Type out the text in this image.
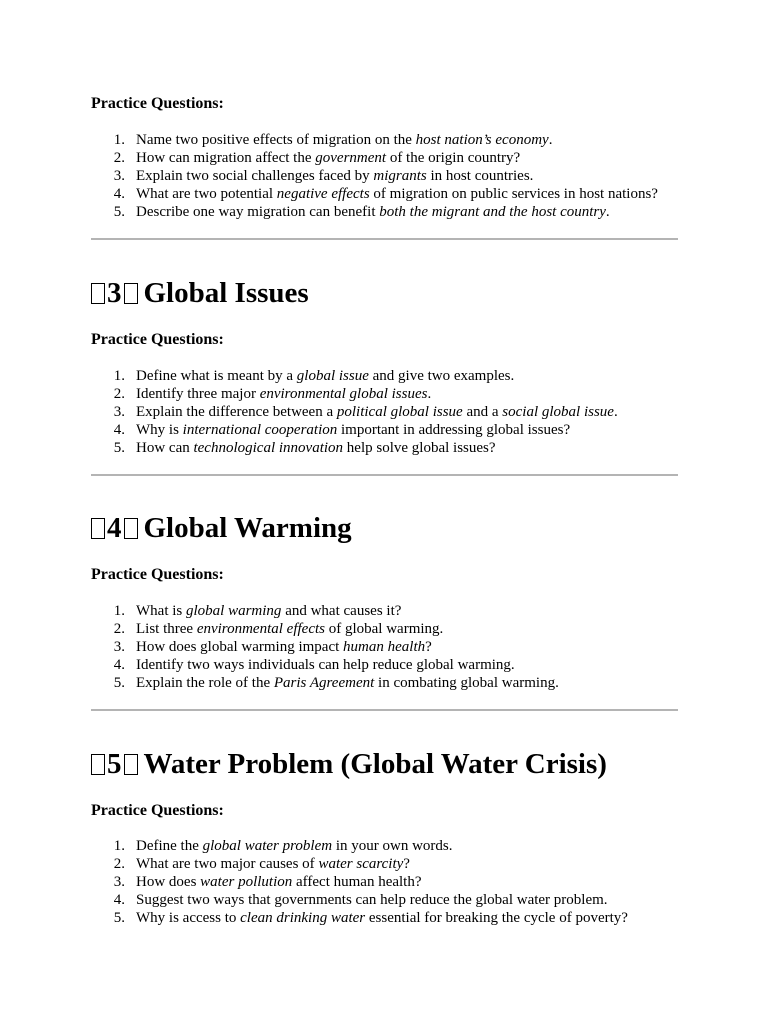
Practice Questions:

1. Name two positive effects of migration on the host nation’s economy.
2. How can migration affect the government of the origin country?
3. Explain two social challenges faced by migrants in host countries.
4. What are two potential negative effects of migration on public services in host nations?
5. Describe one way migration can benefit both the migrant and the host country.
3 Global Issues

Practice Questions:

1. Define what is meant by a global issue and give two examples.
2. Identify three major environmental global issues.
3. Explain the difference between a political global issue and a social global issue.
4. Why is international cooperation important in addressing global issues?
5. How can technological innovation help solve global issues?
4 Global Warming

Practice Questions:

1. What is global warming and what causes it?
2. List three environmental effects of global warming.
3. How does global warming impact human health?
4. Identify two ways individuals can help reduce global warming.
5. Explain the role of the Paris Agreement in combating global warming.
5 Water Problem (Global Water Crisis)

Practice Questions:

1. Define the global water problem in your own words.
2. What are two major causes of water scarcity?
3. How does water pollution affect human health?
4. Suggest two ways that governments can help reduce the global water problem.
5. Why is access to clean drinking water essential for breaking the cycle of poverty?
